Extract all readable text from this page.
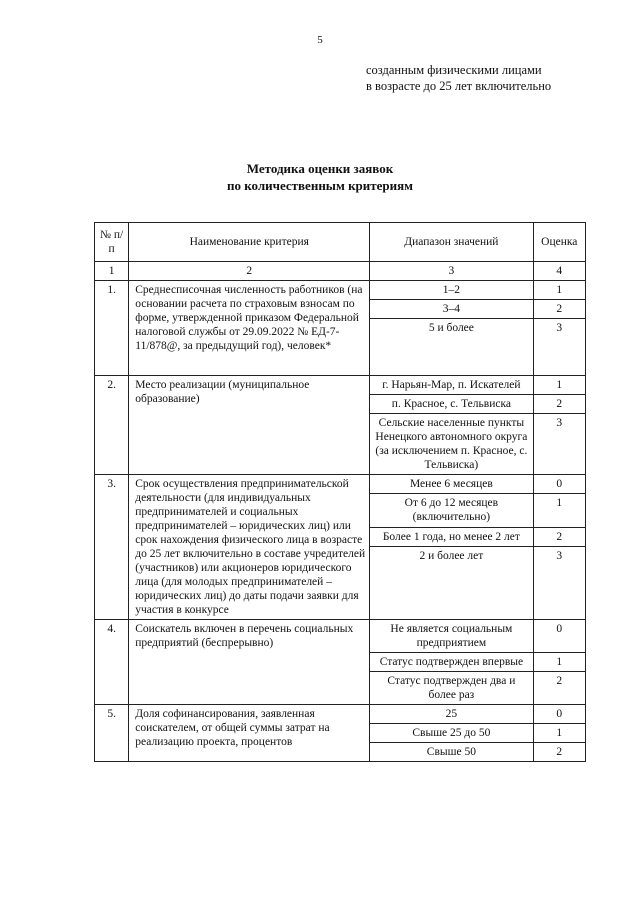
5
созданным физическими лицами
в возрасте до 25 лет включительно
Методика оценки заявок
по количественным критериям
№ п/п	Наименование критерия	Диапазон значений	Оценка
1	2	3	4
1.	Среднесписочная численность работников (на основании расчета по страховым взносам по форме, утвержденной приказом Федеральной налоговой службы от 29.09.2022 № ЕД-7-11/878@, за предыдущий год), человек*	1–2	1
		3–4	2
		5 и более	3
2.	Место реализации (муниципальное образование)	г. Нарьян-Мар, п. Искателей	1
		п. Красное, с. Тельвиска	2
		Сельские населенные пункты Ненецкого автономного округа (за исключением п. Красное, с. Тельвиска)	3
3.	Срок осуществления предпринимательской деятельности (для индивидуальных предпринимателей и социальных предпринимателей – юридических лиц) или срок нахождения физического лица в возрасте до 25 лет включительно в составе учредителей (участников) или акционеров юридического лица (для молодых предпринимателей – юридических лиц) до даты подачи заявки для участия в конкурсе	Менее 6 месяцев	0
		От 6 до 12 месяцев (включительно)	1
		Более 1 года, но менее 2 лет	2
		2 и более лет	3
4.	Соискатель включен в перечень социальных предприятий (беспрерывно)	Не является социальным предприятием	0
		Статус подтвержден впервые	1
		Статус подтвержден два и более раз	2
5.	Доля софинансирования, заявленная соискателем, от общей суммы затрат на реализацию проекта, процентов	25	0
		Свыше 25 до 50	1
		Свыше 50	2
